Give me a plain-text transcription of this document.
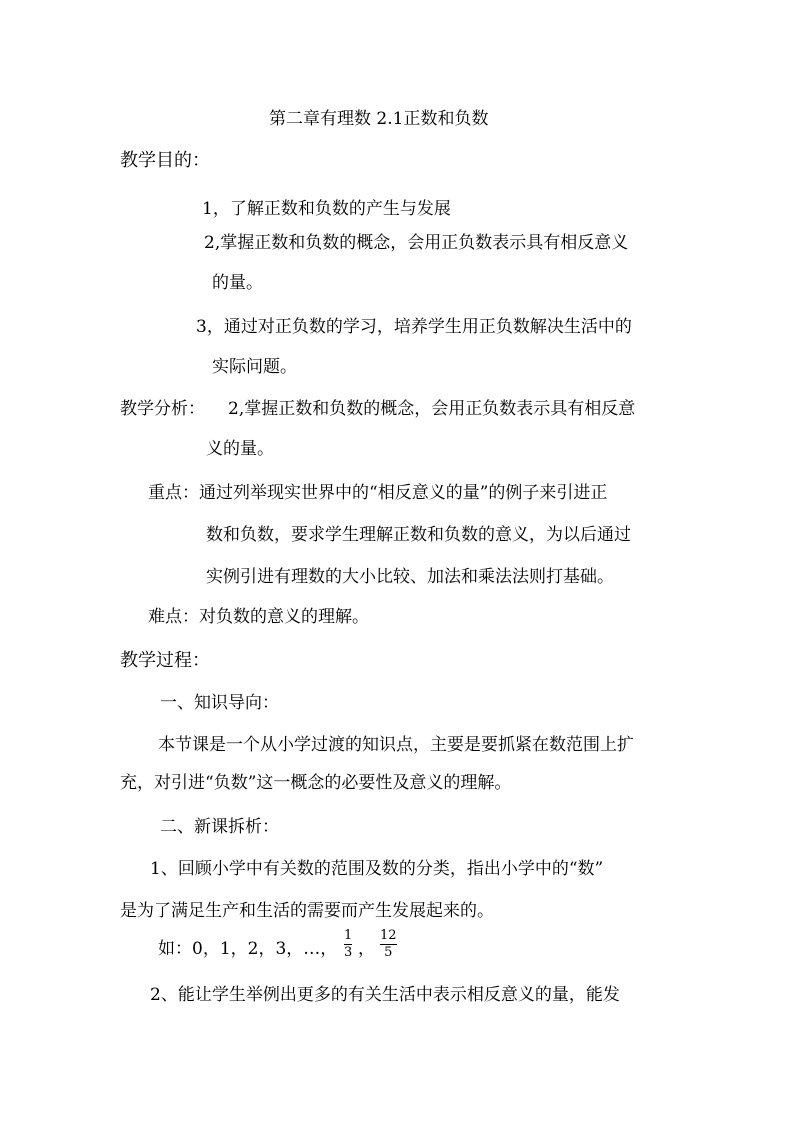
第二章有理数 2.1正数和负数
教学目的：
1，了解正数和负数的产生与发展
2,掌握正数和负数的概念，会用正负数表示具有相反意义
的量。
3，通过对正负数的学习，培养学生用正负数解决生活中的
实际问题。
教学分析： 2,掌握正数和负数的概念，会用正负数表示具有相反意
义的量。
重点：通过列举现实世界中的“相反意义的量”的例子来引进正
数和负数，要求学生理解正数和负数的意义，为以后通过
实例引进有理数的大小比较、加法和乘法法则打基础。
难点：对负数的意义的理解。
教学过程：
一、知识导向：
本节课是一个从小学过渡的知识点，主要是要抓紧在数范围上扩
充，对引进“负数”这一概念的必要性及意义的理解。
二、新课拆析：
1、回顾小学中有关数的范围及数的分类，指出小学中的“数”
是为了满足生产和生活的需要而产生发展起来的。
如：0，1，2，3，…，
1
3 ，
12
5
2、能让学生举例出更多的有关生活中表示相反意义的量，能发
